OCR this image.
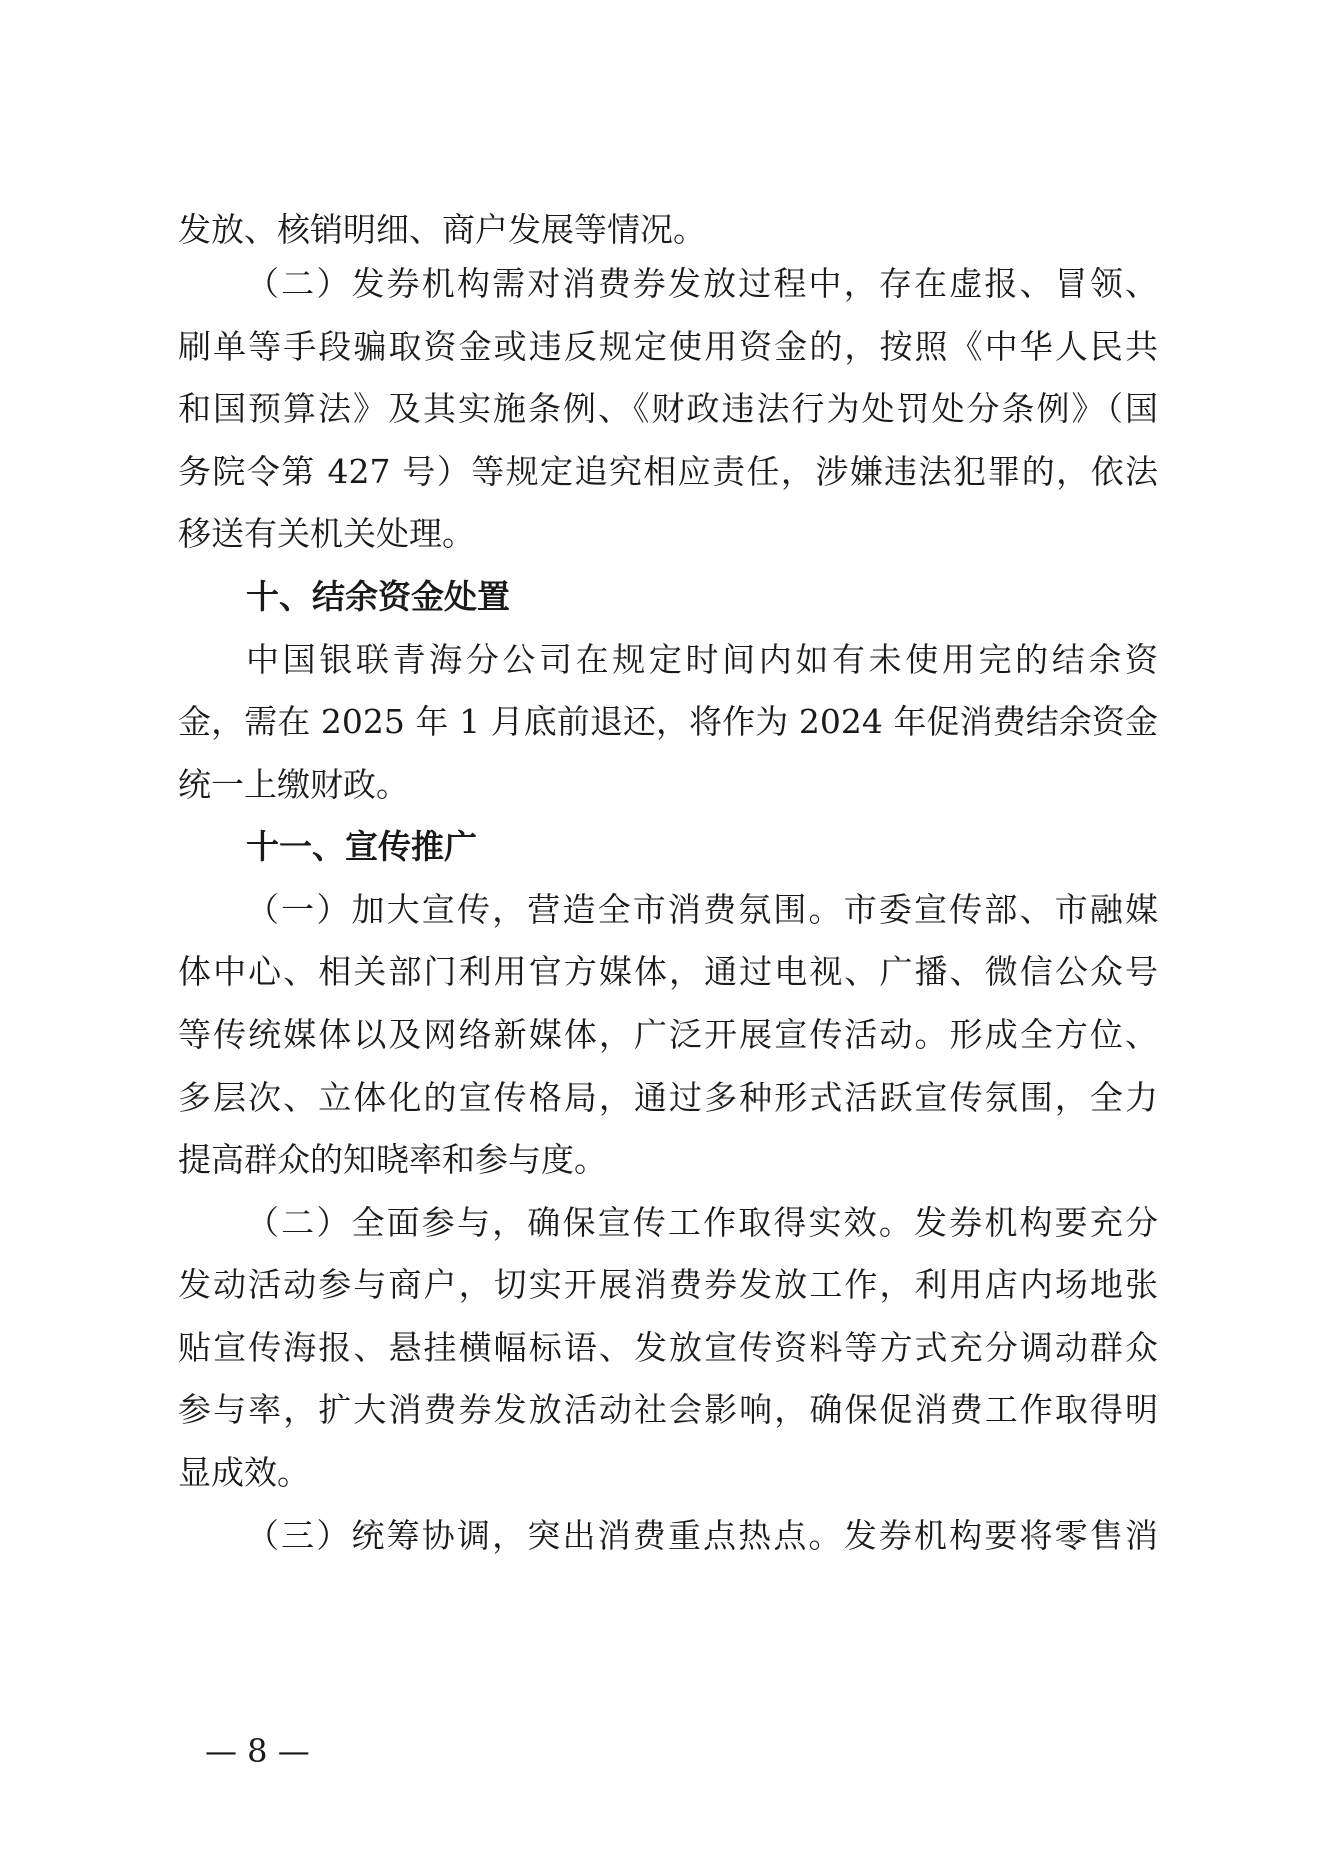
发放、核销明细、商户发展等情况。
（二）发券机构需对消费券发放过程中，存在虚报、冒领、
刷单等手段骗取资金或违反规定使用资金的，按照《中华人民共
和国预算法》及其实施条例、《财政违法行为处罚处分条例》（国
务院令第 427 号）等规定追究相应责任，涉嫌违法犯罪的，依法
移送有关机关处理。
十、结余资金处置
中国银联青海分公司在规定时间内如有未使用完的结余资
金，需在 2025 年 1 月底前退还，将作为 2024 年促消费结余资金
统一上缴财政。
十一、宣传推广
（一）加大宣传，营造全市消费氛围。市委宣传部、市融媒
体中心、相关部门利用官方媒体，通过电视、广播、微信公众号
等传统媒体以及网络新媒体，广泛开展宣传活动。形成全方位、
多层次、立体化的宣传格局，通过多种形式活跃宣传氛围，全力
提高群众的知晓率和参与度。
（二）全面参与，确保宣传工作取得实效。发券机构要充分
发动活动参与商户，切实开展消费券发放工作，利用店内场地张
贴宣传海报、悬挂横幅标语、发放宣传资料等方式充分调动群众
参与率，扩大消费券发放活动社会影响，确保促消费工作取得明
显成效。
（三）统筹协调，突出消费重点热点。发券机构要将零售消
— 8 —
